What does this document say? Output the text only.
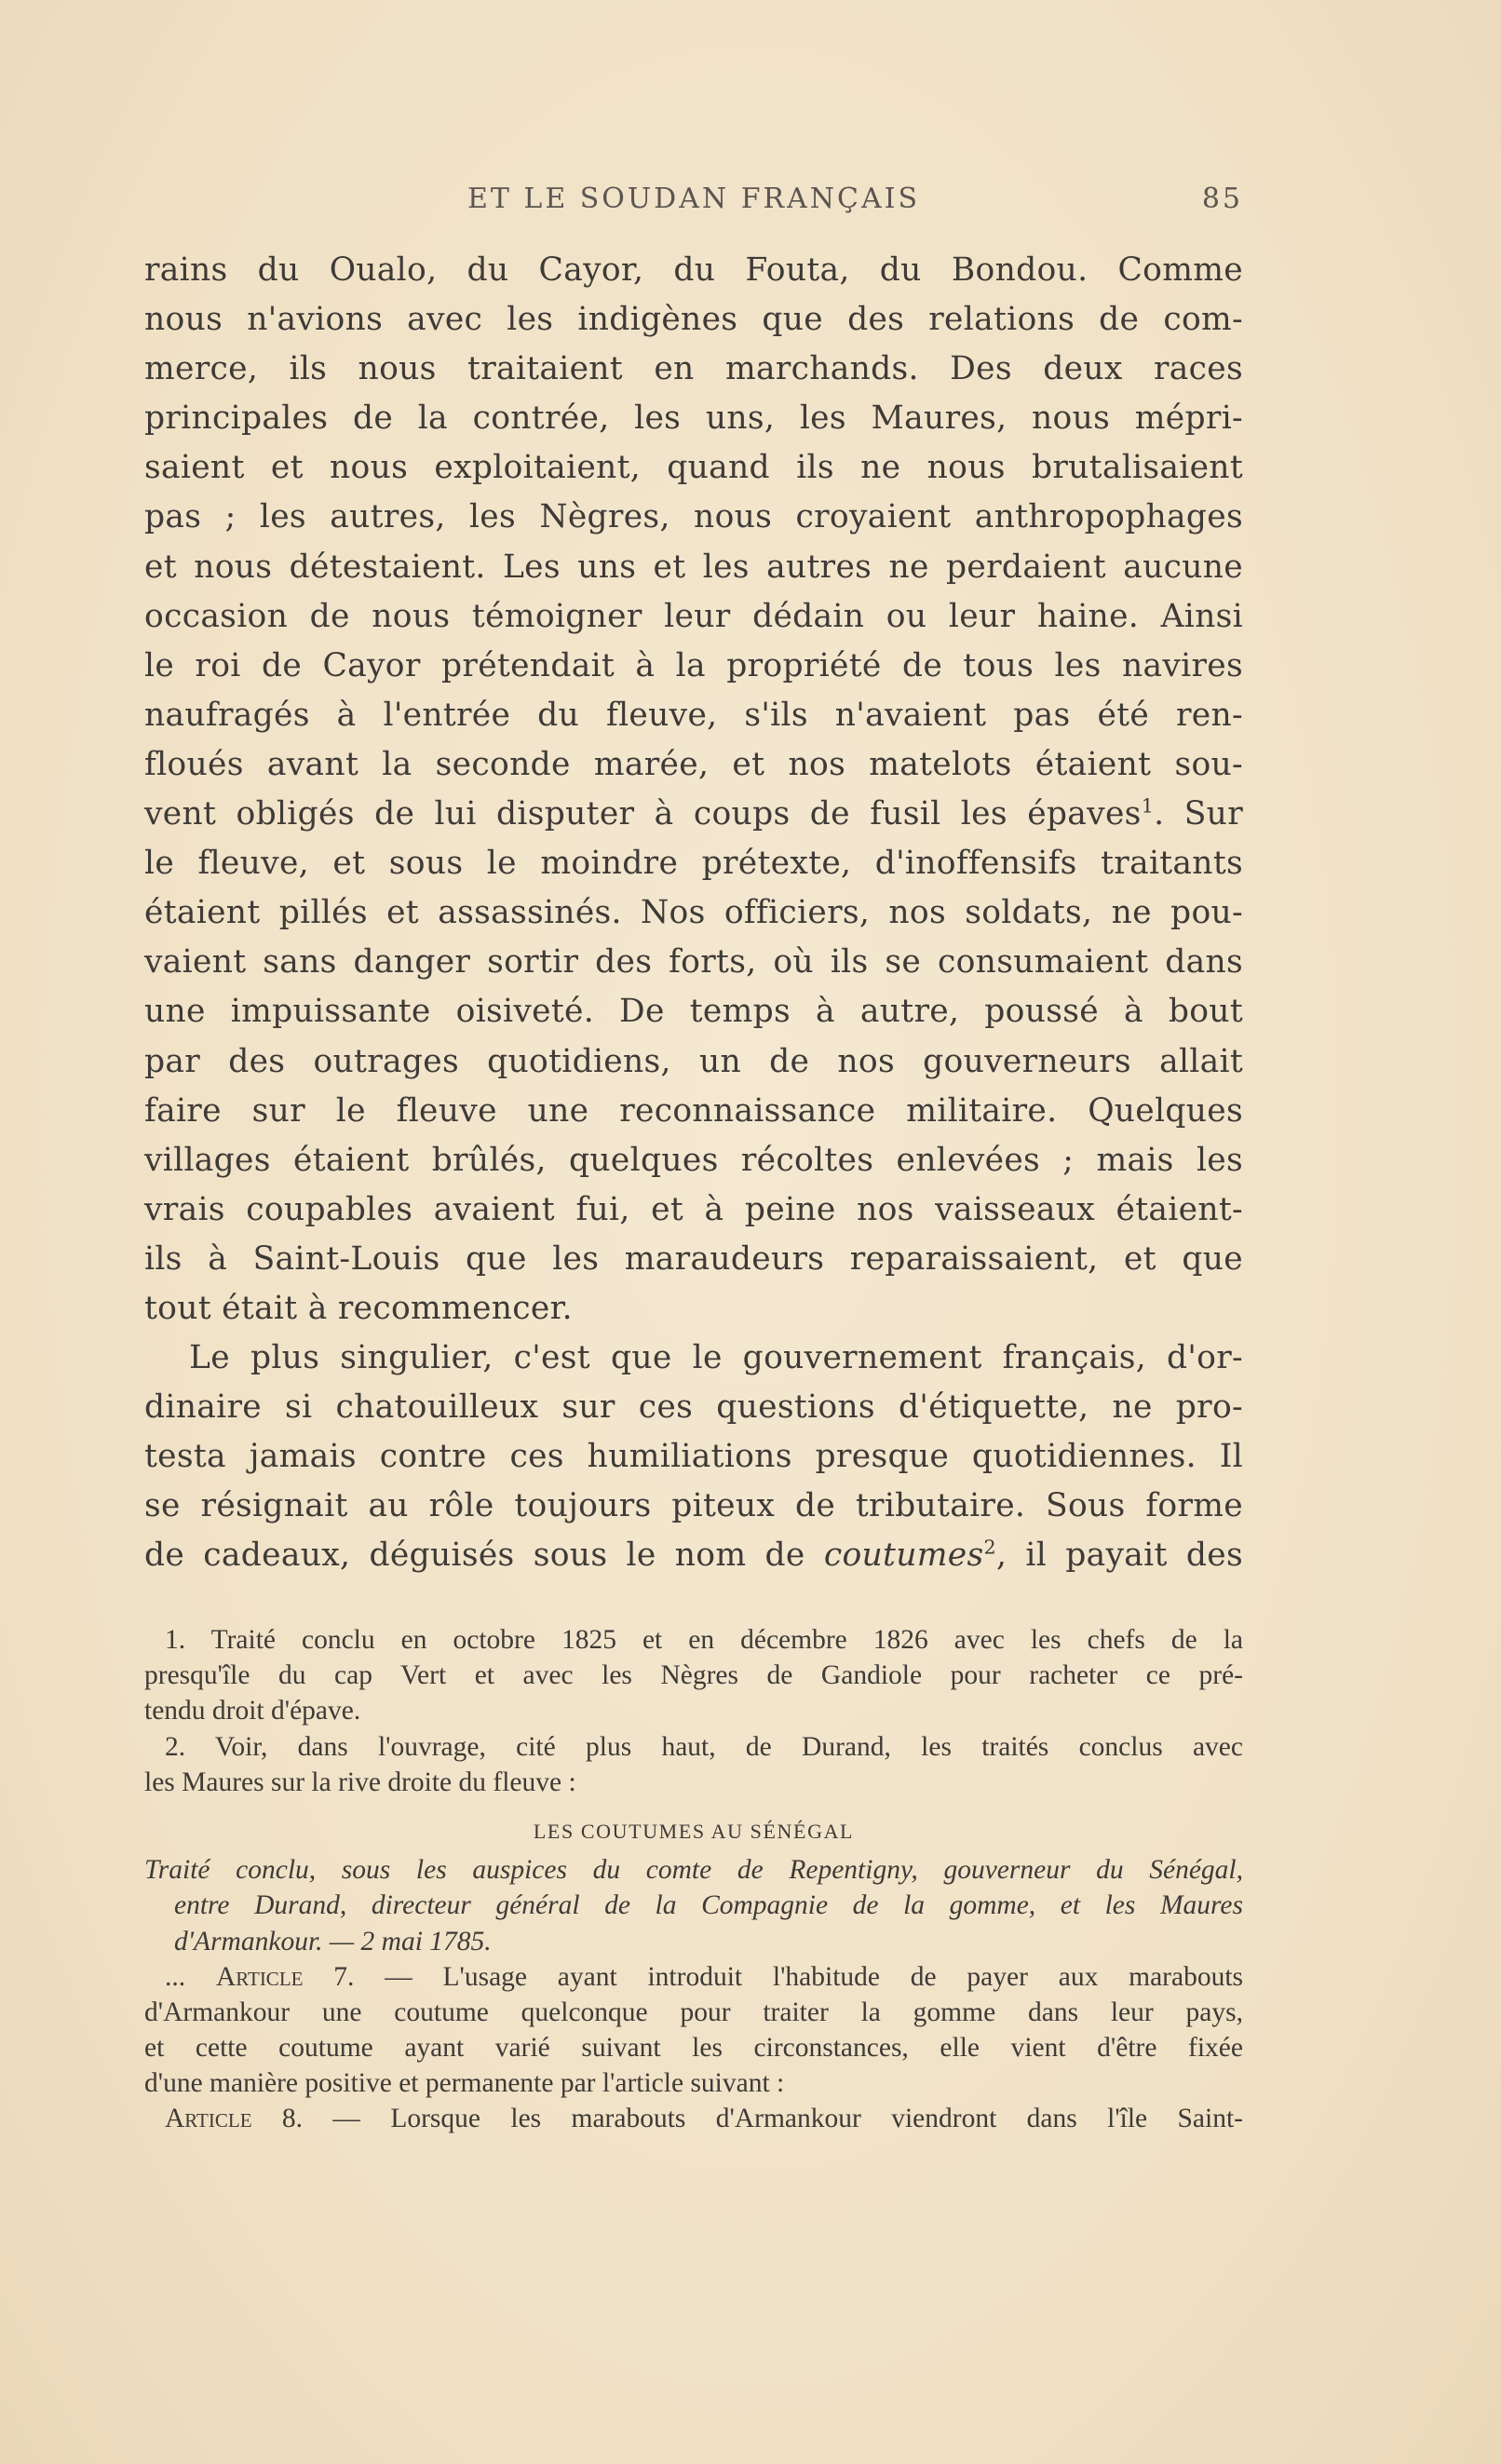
ET LE SOUDAN FRANÇAIS	85
rains du Oualo, du Cayor, du Fouta, du Bondou. Comme
nous n'avions avec les indigènes que des relations de com-
merce, ils nous traitaient en marchands. Des deux races
principales de la contrée, les uns, les Maures, nous mépri-
saient et nous exploitaient, quand ils ne nous brutalisaient
pas ; les autres, les Nègres, nous croyaient anthropophages
et nous détestaient. Les uns et les autres ne perdaient aucune
occasion de nous témoigner leur dédain ou leur haine. Ainsi
le roi de Cayor prétendait à la propriété de tous les navires
naufragés à l'entrée du fleuve, s'ils n'avaient pas été ren-
floués avant la seconde marée, et nos matelots étaient sou-
vent obligés de lui disputer à coups de fusil les épaves$^1$. Sur
le fleuve, et sous le moindre prétexte, d'inoffensifs traitants
étaient pillés et assassinés. Nos officiers, nos soldats, ne pou-
vaient sans danger sortir des forts, où ils se consumaient dans
une impuissante oisiveté. De temps à autre, poussé à bout
par des outrages quotidiens, un de nos gouverneurs allait
faire sur le fleuve une reconnaissance militaire. Quelques
villages étaient brûlés, quelques récoltes enlevées ; mais les
vrais coupables avaient fui, et à peine nos vaisseaux étaient-
ils à Saint-Louis que les maraudeurs reparaissaient, et que
tout était à recommencer.
Le plus singulier, c'est que le gouvernement français, d'or-
dinaire si chatouilleux sur ces questions d'étiquette, ne pro-
testa jamais contre ces humiliations presque quotidiennes. Il
se résignait au rôle toujours piteux de tributaire. Sous forme
de cadeaux, déguisés sous le nom de coutumes$^2$, il payait des
1. Traité conclu en octobre 1825 et en décembre 1826 avec les chefs de la
presqu'île du cap Vert et avec les Nègres de Gandiole pour racheter ce pré-
tendu droit d'épave.
2. Voir, dans l'ouvrage, cité plus haut, de Durand, les traités conclus avec
les Maures sur la rive droite du fleuve :
LES COUTUMES AU SÉNÉGAL
Traité conclu, sous les auspices du comte de Repentigny, gouverneur du Sénégal,
entre Durand, directeur général de la Compagnie de la gomme, et les Maures
d'Armankour. — 2 mai 1785.
... Article 7. — L'usage ayant introduit l'habitude de payer aux marabouts
d'Armankour une coutume quelconque pour traiter la gomme dans leur pays,
et cette coutume ayant varié suivant les circonstances, elle vient d'être fixée
d'une manière positive et permanente par l'article suivant :
Article 8. — Lorsque les marabouts d'Armankour viendront dans l'île Saint-
